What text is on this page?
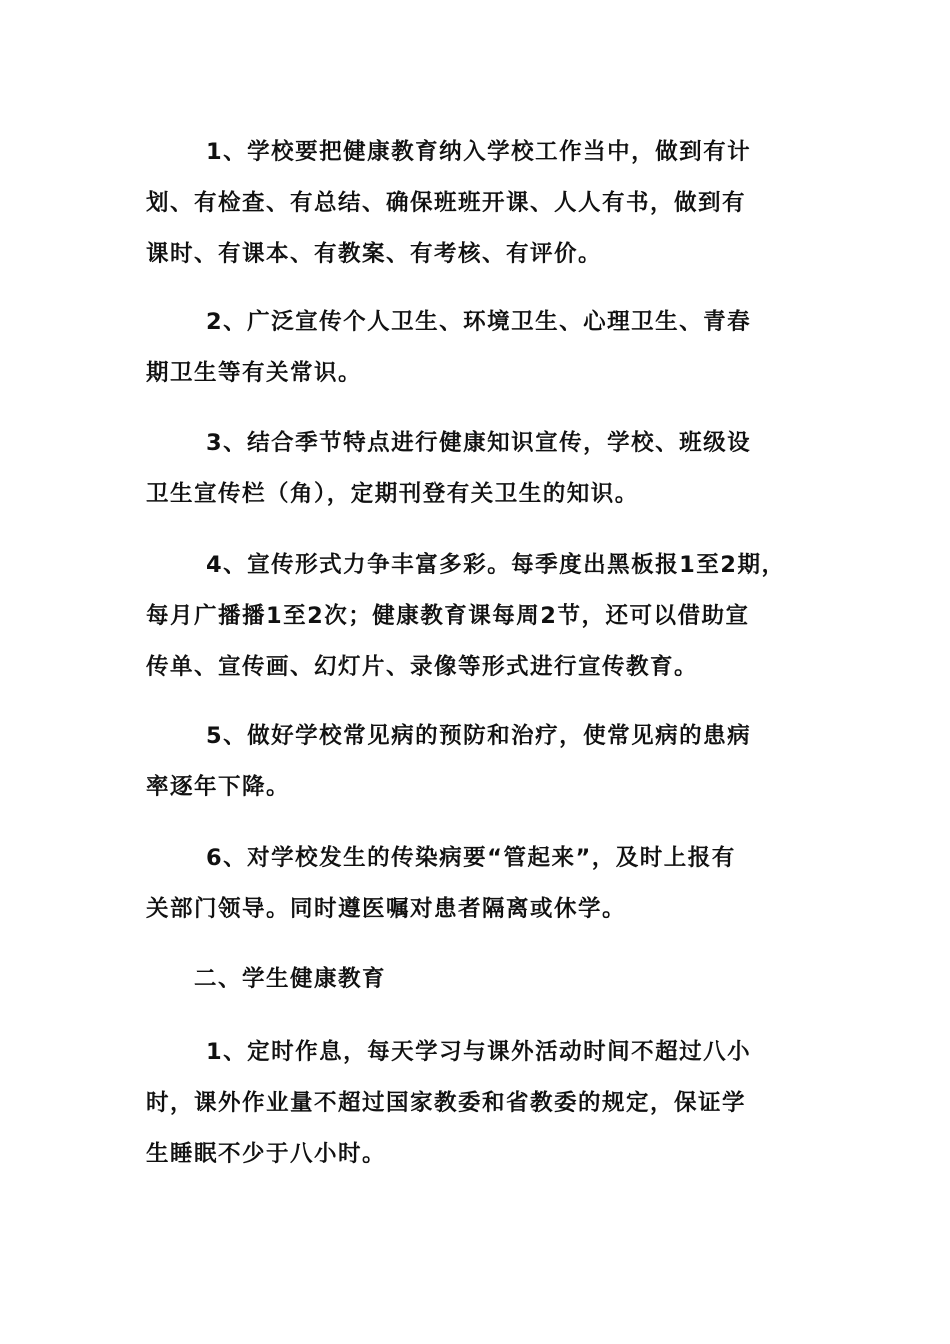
1、学校要把健康教育纳入学校工作当中，做到有计
划、有检查、有总结、确保班班开课、人人有书，做到有
课时、有课本、有教案、有考核、有评价。
2、广泛宣传个人卫生、环境卫生、心理卫生、青春
期卫生等有关常识。
3、结合季节特点进行健康知识宣传，学校、班级设
卫生宣传栏（角），定期刊登有关卫生的知识。
4、宣传形式力争丰富多彩。每季度出黑板报1至2期，
每月广播播1至2次；健康教育课每周2节，还可以借助宣
传单、宣传画、幻灯片、录像等形式进行宣传教育。
5、做好学校常见病的预防和治疗，使常见病的患病
率逐年下降。
6、对学校发生的传染病要“管起来”，及时上报有
关部门领导。同时遵医嘱对患者隔离或休学。
二、学生健康教育
1、定时作息，每天学习与课外活动时间不超过八小
时，课外作业量不超过国家教委和省教委的规定，保证学
生睡眠不少于八小时。
